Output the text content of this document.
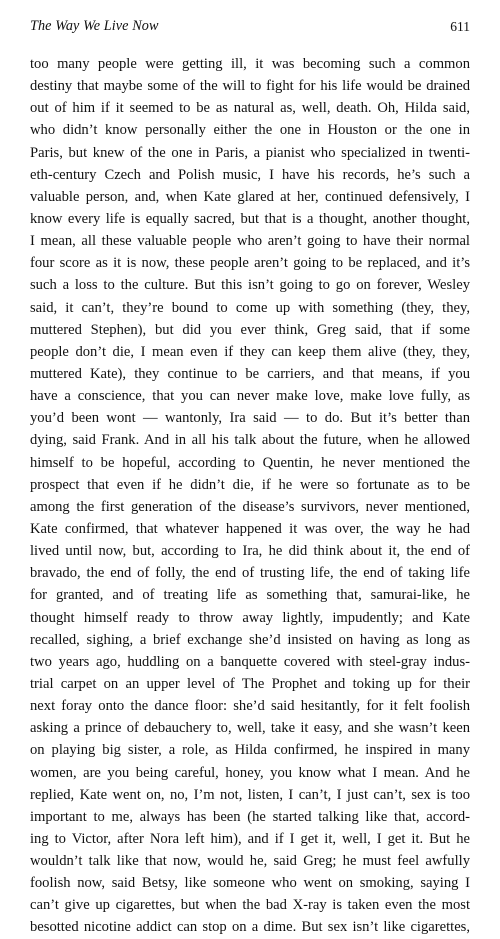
The Way We Live Now	611
too many people were getting ill, it was becoming such a common
destiny that maybe some of the will to fight for his life would be drained
out of him if it seemed to be as natural as, well, death. Oh, Hilda said,
who didn’t know personally either the one in Houston or the one in
Paris, but knew of the one in Paris, a pianist who specialized in twenti-
eth-century Czech and Polish music, I have his records, he’s such a
valuable person, and, when Kate glared at her, continued defensively, I
know every life is equally sacred, but that is a thought, another thought,
I mean, all these valuable people who aren’t going to have their normal
four score as it is now, these people aren’t going to be replaced, and it’s
such a loss to the culture. But this isn’t going to go on forever, Wesley
said, it can’t, they’re bound to come up with something (they, they,
muttered Stephen), but did you ever think, Greg said, that if some
people don’t die, I mean even if they can keep them alive (they, they,
muttered Kate), they continue to be carriers, and that means, if you
have a conscience, that you can never make love, make love fully, as
you’d been wont — wantonly, Ira said — to do. But it’s better than
dying, said Frank. And in all his talk about the future, when he allowed
himself to be hopeful, according to Quentin, he never mentioned the
prospect that even if he didn’t die, if he were so fortunate as to be
among the first generation of the disease’s survivors, never mentioned,
Kate confirmed, that whatever happened it was over, the way he had
lived until now, but, according to Ira, he did think about it, the end of
bravado, the end of folly, the end of trusting life, the end of taking life
for granted, and of treating life as something that, samurai-like, he
thought himself ready to throw away lightly, impudently; and Kate
recalled, sighing, a brief exchange she’d insisted on having as long as
two years ago, huddling on a banquette covered with steel-gray indus-
trial carpet on an upper level of The Prophet and toking up for their
next foray onto the dance floor: she’d said hesitantly, for it felt foolish
asking a prince of debauchery to, well, take it easy, and she wasn’t keen
on playing big sister, a role, as Hilda confirmed, he inspired in many
women, are you being careful, honey, you know what I mean. And he
replied, Kate went on, no, I’m not, listen, I can’t, I just can’t, sex is too
important to me, always has been (he started talking like that, accord-
ing to Victor, after Nora left him), and if I get it, well, I get it. But he
wouldn’t talk like that now, would he, said Greg; he must feel awfully
foolish now, said Betsy, like someone who went on smoking, saying I
can’t give up cigarettes, but when the bad X-ray is taken even the most
besotted nicotine addict can stop on a dime. But sex isn’t like cigarettes,
